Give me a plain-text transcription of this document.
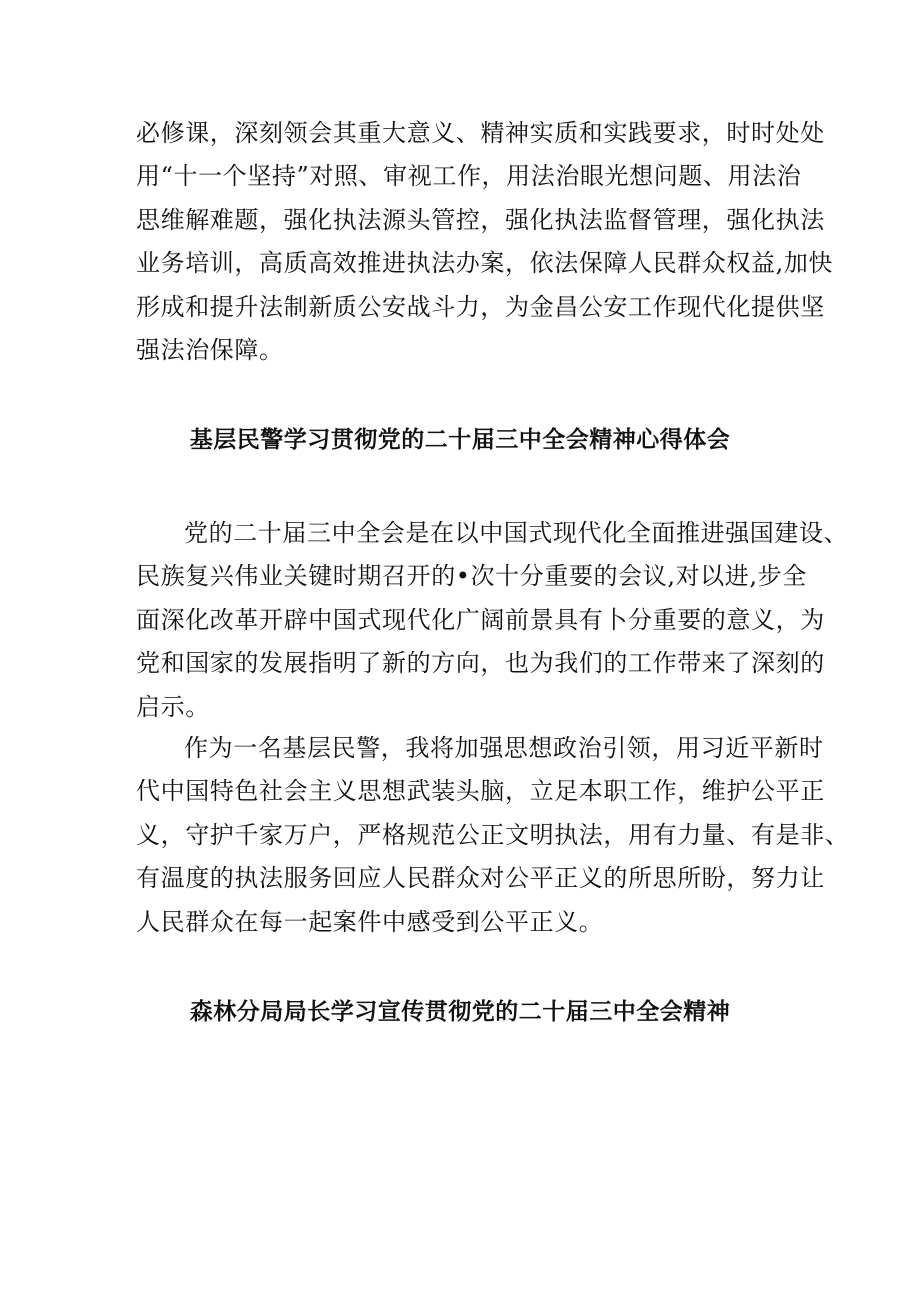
必修课，深刻领会其重大意义、精神实质和实践要求，时时处处
用“十一个坚持”对照、审视工作，用法治眼光想问题、用法治
思维解难题，强化执法源头管控，强化执法监督管理，强化执法
业务培训，高质高效推进执法办案，依法保障人民群众权益,加快
形成和提升法制新质公安战斗力，为金昌公安工作现代化提供坚
强法治保障。
基层民警学习贯彻党的二十届三中全会精神心得体会
党的二十届三中全会是在以中国式现代化全面推进强国建设、
民族复兴伟业关键时期召开的•次十分重要的会议,对以进,步全
面深化改革开辟中国式现代化广阔前景具有卜分重要的意义，为
党和国家的发展指明了新的方向，也为我们的工作带来了深刻的
启示。
作为一名基层民警，我将加强思想政治引领，用习近平新时
代中国特色社会主义思想武装头脑，立足本职工作，维护公平正
义，守护千家万户，严格规范公正文明执法，用有力量、有是非、
有温度的执法服务回应人民群众对公平正义的所思所盼，努力让
人民群众在每一起案件中感受到公平正义。
森林分局局长学习宣传贯彻党的二十届三中全会精神
